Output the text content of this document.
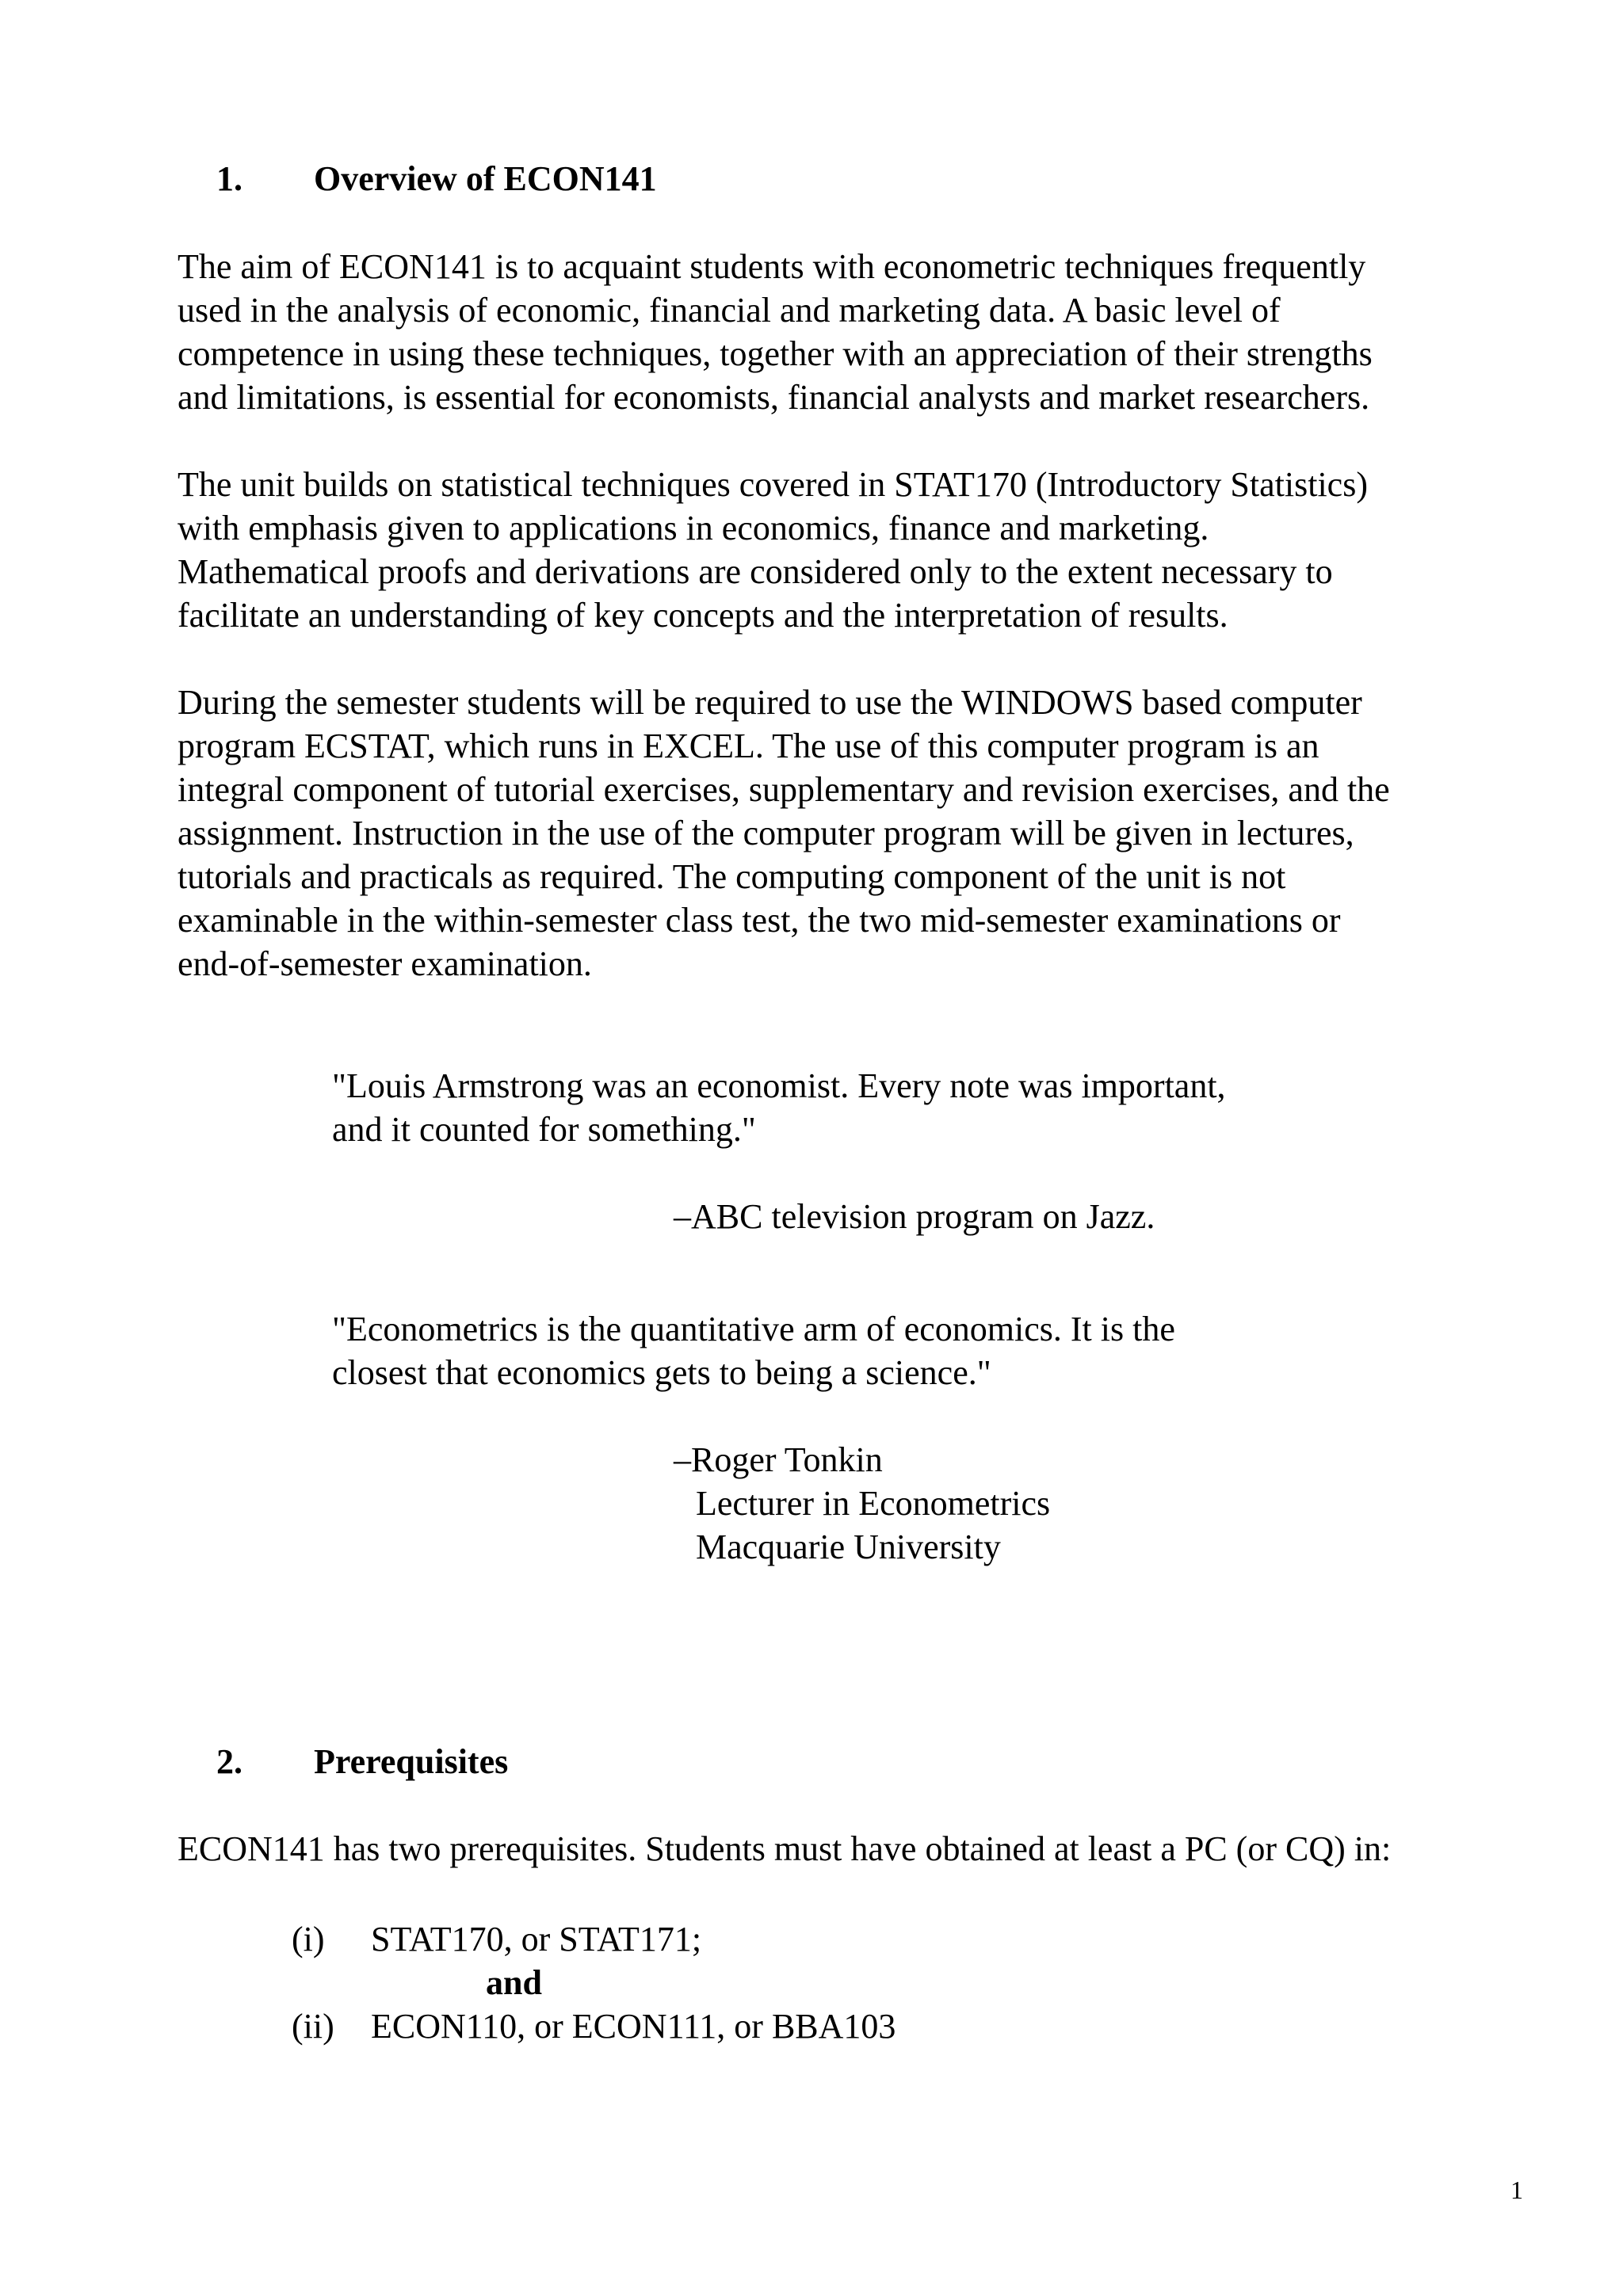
1. Overview of ECON141
The aim of ECON141 is to acquaint students with econometric techniques frequently
used in the analysis of economic, financial and marketing data. A basic level of
competence in using these techniques, together with an appreciation of their strengths
and limitations, is essential for economists, financial analysts and market researchers.
The unit builds on statistical techniques covered in STAT170 (Introductory Statistics)
with emphasis given to applications in economics, finance and marketing.
Mathematical proofs and derivations are considered only to the extent necessary to
facilitate an understanding of key concepts and the interpretation of results.
During the semester students will be required to use the WINDOWS based computer
program ECSTAT, which runs in EXCEL. The use of this computer program is an
integral component of tutorial exercises, supplementary and revision exercises, and the
assignment. Instruction in the use of the computer program will be given in lectures,
tutorials and practicals as required. The computing component of the unit is not
examinable in the within-semester class test, the two mid-semester examinations or
end-of-semester examination.
"Louis Armstrong was an economist. Every note was important,
and it counted for something."
–ABC television program on Jazz.
"Econometrics is the quantitative arm of economics. It is the
closest that economics gets to being a science."
–Roger Tonkin
Lecturer in Econometrics
Macquarie University
2. Prerequisites
ECON141 has two prerequisites. Students must have obtained at least a PC (or CQ) in:
(i) STAT170, or STAT171;
and
(ii) ECON110, or ECON111, or BBA103
1
